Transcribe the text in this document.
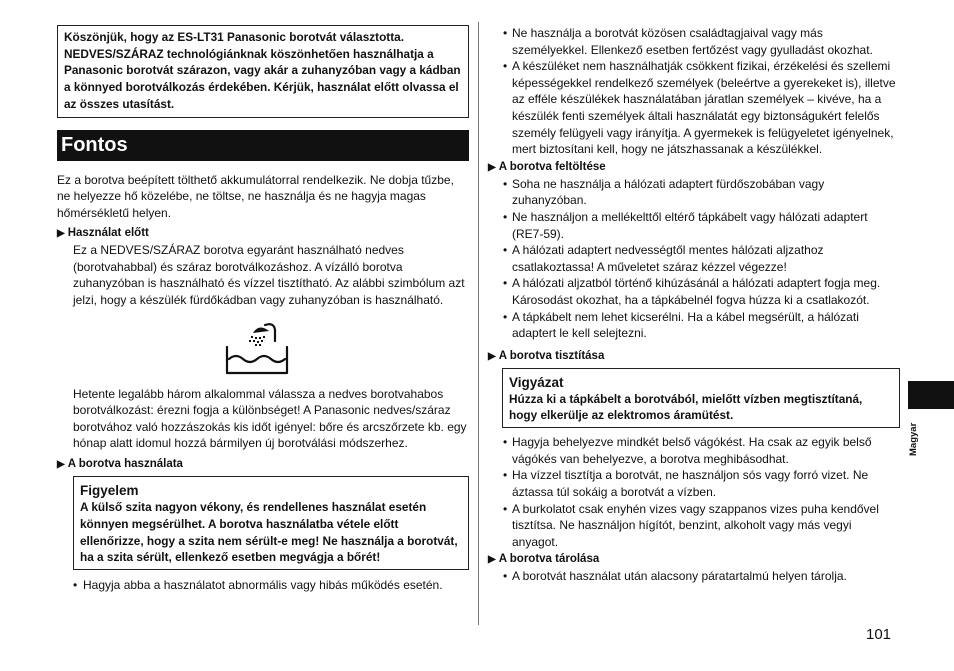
Köszönjük, hogy az ES-LT31 Panasonic borotvát választotta. NEDVES/SZÁRAZ technológiánknak köszönhetően használhatja a Panasonic borotvát szárazon, vagy akár a zuhanyzóban vagy a kádban a könnyed borotválkozás érdekében. Kérjük, használat előtt olvassa el az összes utasítást.

Fontos

Ez a borotva beépített tölthető akkumulátorral rendelkezik. Ne dobja tűzbe, ne helyezze hő közelébe, ne töltse, ne használja és ne hagyja magas hőmérsékletű helyen.

▶ Használat előtt

Ez a NEDVES/SZÁRAZ borotva egyaránt használható nedves (borotvahabbal) és száraz borotválkozáshoz. A vízálló borotva zuhanyzóban is használható és vízzel tisztítható. Az alábbi szimbólum azt jelzi, hogy a készülék fürdőkádban vagy zuhanyzóban is használható.

Hetente legalább három alkalommal válassza a nedves borotvahabos borotválkozást: érezni fogja a különbséget! A Panasonic nedves/száraz borotvához való hozzászokás kis időt igényel: bőre és arcszőrzete kb. egy hónap alatt idomul hozzá bármilyen új borotválási módszerhez.

▶ A borotva használata
Figyelem
A külső szita nagyon vékony, és rendellenes használat esetén könnyen megsérülhet. A borotva használatba vétele előtt ellenőrizze, hogy a szita nem sérült-e meg! Ne használja a borotvát, ha a szita sérült, ellenkező esetben megvágja a bőrét!
• Hagyja abba a használatot abnormális vagy hibás működés esetén.
• Ne használja a borotvát közösen családtagjaival vagy más személyekkel. Ellenkező esetben fertőzést vagy gyulladást okozhat.
• A készüléket nem használhatják csökkent fizikai, érzékelési és szellemi képességekkel rendelkező személyek (beleértve a gyerekeket is), illetve az efféle készülékek használatában járatlan személyek – kivéve, ha a készülék fenti személyek általi használatát egy biztonságukért felelős személy felügyeli vagy irányítja. A gyermekek is felügyeletet igényelnek, mert biztosítani kell, hogy ne játszhassanak a készülékkel.
▶ A borotva feltöltése
• Soha ne használja a hálózati adaptert fürdőszobában vagy zuhanyzóban.
• Ne használjon a mellékelttől eltérő tápkábelt vagy hálózati adaptert (RE7-59).
• A hálózati adaptert nedvességtől mentes hálózati aljzathoz csatlakoztassa! A műveletet száraz kézzel végezze!
• A hálózati aljzatból történő kihúzásánál a hálózati adaptert fogja meg. Károsodást okozhat, ha a tápkábelnél fogva húzza ki a csatlakozót.
• A tápkábelt nem lehet kicserélni. Ha a kábel megsérült, a hálózati adaptert le kell selejtezni.
▶ A borotva tisztítása
Vigyázat
Húzza ki a tápkábelt a borotvából, mielőtt vízben megtisztítaná, hogy elkerülje az elektromos áramütést.
• Hagyja behelyezve mindkét belső vágókést. Ha csak az egyik belső vágókés van behelyezve, a borotva meghibásodhat.
• Ha vízzel tisztítja a borotvát, ne használjon sós vagy forró vizet. Ne áztassa túl sokáig a borotvát a vízben.
• A burkolatot csak enyhén vizes vagy szappanos vizes puha kendővel tisztítsa. Ne használjon hígítót, benzint, alkoholt vagy más vegyi anyagot.
▶ A borotva tárolása
• A borotvát használat után alacsony páratartalmú helyen tárolja.
Magyar
101
